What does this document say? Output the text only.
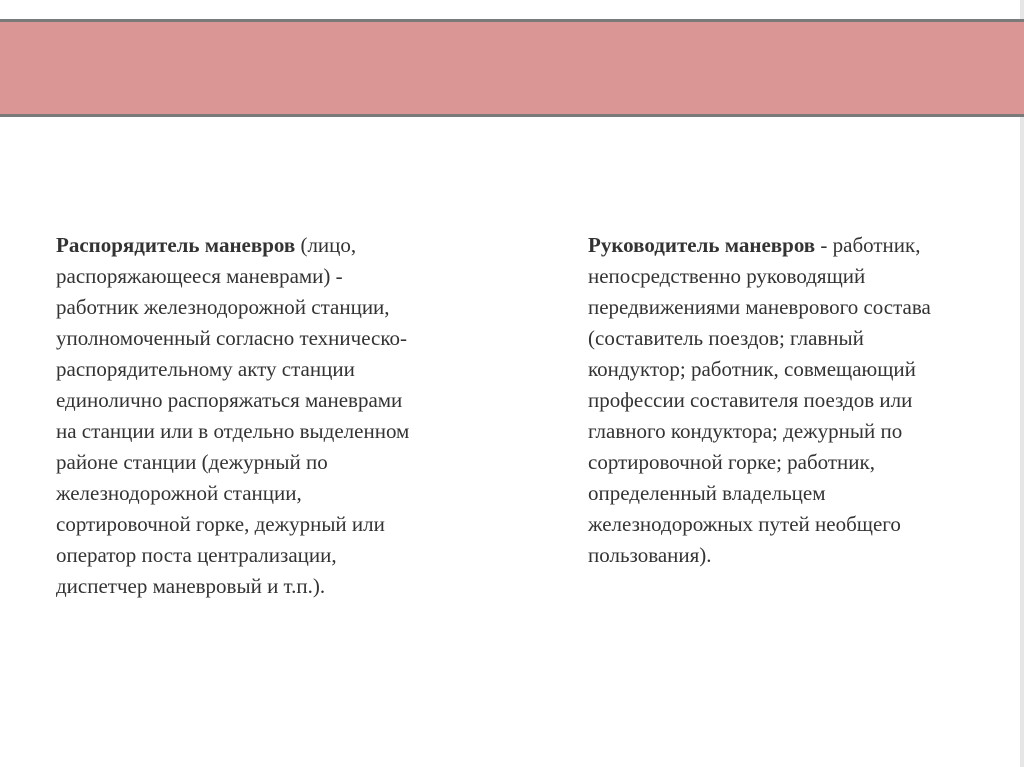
Распорядитель маневров (лицо, распоряжающееся маневрами) - работник железнодорожной станции, уполномоченный согласно техническо-распорядительному акту станции единолично распоряжаться маневрами на станции или в отдельно выделенном районе станции (дежурный по железнодорожной станции, сортировочной горке, дежурный или оператор поста централизации, диспетчер маневровый и т.п.).
Руководитель маневров - работник, непосредственно руководящий передвижениями маневрового состава (составитель поездов; главный кондуктор; работник, совмещающий профессии составителя поездов или главного кондуктора; дежурный по сортировочной горке; работник, определенный владельцем железнодорожных путей необщего пользования).
